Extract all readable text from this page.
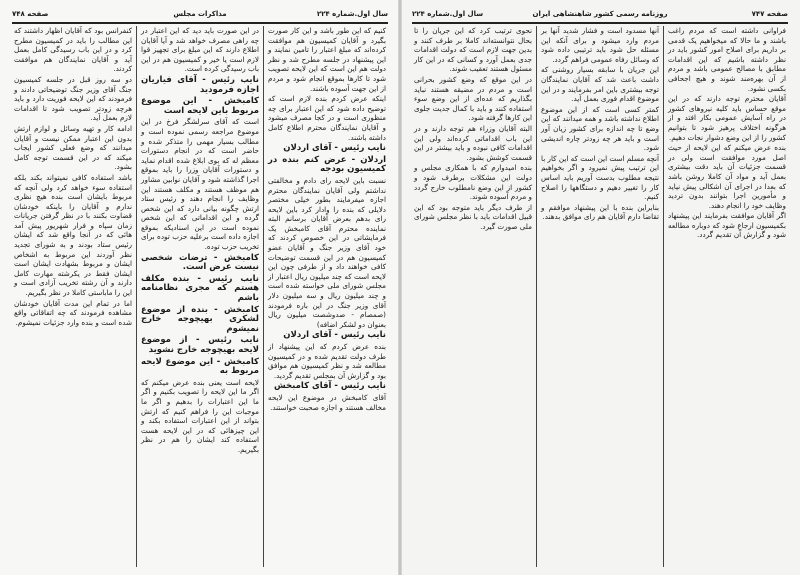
صفحه ۷۴۸	مذاکرات مجلس	سال اول.شماره ۲۲۴

کنیم که این طور باشد و این کار صورت بگیرد و آقایان کمیسیون هم موافقت کرده‌اند که مبلغ اعتبار را تامین نمایند و این پیشنهاد در جلسه مطرح شد و نظر دولت هم این است که این لایحه تصویب شود تا کارها بموقع انجام شود و مردم از این جهت آسوده باشند.

اینکه عرض کردم بنده لازم است که توضیح داده شود که این اعتبار برای چه منظوری است و در کجا مصرف میشود و آقایان نمایندگان محترم اطلاع کامل داشته باشند.

نایب رئیس - آقای اردلان
اردلان - عرض کنم بنده در کمیسیون بودجه

نسبت باین لایحه رای دادم و مخالفتی نداشتم ولی آقایان نمایندگان محترم اجازه میفرمایند بطور خیلی مختصر دلایلی که بنده را وادار کرد باین لایحه رای بدهم بعرض آقایان برسانم البته نماینده محترم آقای کامبخش یک فرمایشاتی در این خصوص کردند که خود آقای وزیر جنگ و آقایان عضو کمیسیون هم در این قسمت توضیحات کافی خواهند داد و از طرفی چون این لایحه است که چند میلیون ریال اعتبار از مجلس شورای ملی خواسته شده است و چند میلیون ریال و سه میلیون دلار آقای وزیر جنگ در این باره فرمودند (صمصام - صدوشصت میلیون ریال بعنوان دو لشکر اضافه)

نایب رئیس - آقای اردلان

بنده عرض کردم که این پیشنهاد از طرف دولت تقدیم شده و در کمیسیون مطالعه شد و نظر کمیسیون هم موافق بود و گزارش آن بمجلس تقدیم گردید.

نایب رئیس - آقای کامبخش

آقای کامبخش در موضوع این لایحه مخالف هستند و اجازه صحبت خواستند.

در این صورت باید دید که این اعتبار در چه راهی مصرف خواهد شد و آیا آقایان اطلاع دارند که این مبلغ برای تجهیز قوا لازم است یا خیر و کمیسیون هم در این باب رسیدگی کرده است.

نایب رئیس - آقای فیاریان اجازه فرمودید
کامبخش - این موضوع مربوط باین لایحه است

است که آقای سرلشگر فرخ در این موضوع مراجعه رسمی نموده است و مطالب بسیار مهمی را متذکر شده و حاضر است که در انجام دستورات معظم له که بوی ابلاغ شده اقدام نماید و دستورات آقایان وزرا را باید بموقع اجرا گذاشته شود و آقایان نوابین مشاور هم موظف هستند و مکلف هستند این وظایف را انجام دهند و رئیس ستاد ارتش چگونه بیانی دارد که این شخص گرده و این اقداماتی که این شخص نموده است در این اسنادیکه بموقع اجازه داده است برعلیه حزب توده برای تخریب حزب توده.

کامبخش - ترضات شخصی نیست عرض است.
نایب رئیس - بنده مکلف هستم که مجری نظامنامه باشم
کامبخش - بنده از موضوع لشکری بهیچوجه خارج نمیشوم
نایب رئیس - از موضوع لایحه بهیچوجه خارج نشوید
کامبخش - این موضوع لایحه مربوط به

لایحه است یعنی بنده عرض میکنم که اگر ما این لایحه را تصویب بکنیم و اگر ما این اعتبارات را بدهیم و اگر ما موجبات این را فراهم کنیم که ارتش بتواند از این اعتبارات استفاده بکند و این چیزهائی که در این لایحه هست استفاده کند ایشان را هم در نظر بگیریم.

کنفرانس بود که آقایان اظهار داشتند که این مطالب را باید در کمیسیون مطرح کرد و در این باب رسیدگی کامل بعمل آید و آقایان نمایندگان هم موافقت کردند.

دو سه روز قبل در جلسه کمیسیون جنگ آقای وزیر جنگ توضیحاتی دادند و فرمودند که این لایحه فوریت دارد و باید هرچه زودتر تصویب شود تا اقدامات لازم بعمل آید.

ادامه کار و تهیه وسائل و لوازم ارتش بدون این اعتبار ممکن نیست و آقایان میدانند که وضع فعلی کشور ایجاب میکند که در این قسمت توجه کامل بشود.

باشد استفاده کافی نمیتواند بکند بلکه استفاده سوء خواهد کرد ولی آنچه که مربوط بایشان است بنده هیچ نظری ندارم و آقایان را باینکه خودشان قضاوت بکنند با در نظر گرفتن جریانات زمان سپاه و فرار شهریور پیش آمد هائی که در آنجا واقع شد که ایشان رئیس ستاد بودند و به شورای تجدید نظر آوردند این مربوط به اشخاص ایشان و مربوط بشهادت ایشان است ایشان فقط در یکرشته مهارت کامل دارند و آن رشته تخریب آزادی است و این را ماباستی کاملا در نظر بگیریم.

اما در تمام این مدت آقایان خودشان مشاهده فرمودند که چه اتفاقاتی واقع شده است و بنده وارد جزئیات نمیشوم.

سال اول.شماره ۲۲۴	روزنامه رسمی کشور شاهنشاهی ایران	صفحه ۷۴۷

فراوانی داشته است که مردم راغب باشند و ما حالا که میخواهیم یک قدمی بر داریم برای اصلاح امور کشور باید در نظر داشته باشیم که این اقدامات مطابق با مصالح عمومی باشد و مردم از آن بهره‌مند شوند و هیچ اجحافی بکسی نشود.

آقایان محترم توجه دارند که در این موقع حساس باید کلیه نیروهای کشور در راه آسایش عمومی بکار افتد و از هرگونه اختلاف پرهیز شود تا بتوانیم کشور را از این وضع دشوار نجات دهیم.

بنده عرض میکنم که این لایحه از حیث اصل مورد موافقت است ولی در قسمت جزئیات آن باید دقت بیشتری بعمل آید و مواد آن کاملا روشن باشد که بعدا در اجرای آن اشکالی پیش نیاید و مأمورین اجرا بتوانند بدون تردید وظایف خود را انجام دهند.

اگر آقایان موافقت بفرمایند این پیشنهاد بکمیسیون ارجاع شود که دوباره مطالعه شود و گزارش آن تقدیم گردد.

آنها مسدود است و فشار شدید آنها بر مردم وارد میشود و برای آنکه این مسئله حل شود باید ترتیبی داده شود که وسائل رفاه عمومی فراهم گردد.

این جریان با سابقه بسیار روشنی که داشت باعث شد که آقایان نمایندگان توجه بیشتری باین امر بفرمایند و در این موضوع اقدام فوری بعمل آید.

کمتر کسی است که از این موضوع اطلاع نداشته باشد و همه میدانند که این وضع تا چه اندازه برای کشور زیان آور است و باید هر چه زودتر چاره اندیشی شود.

آنچه مسلم است این است که این کار با این ترتیب پیش نمیرود و اگر بخواهیم نتیجه مطلوب بدست آوریم باید اساس کار را تغییر دهیم و دستگاهها را اصلاح کنیم.

بنابراین بنده با این پیشنهاد موافقم و تقاضا دارم آقایان هم رای موافق بدهند.

نحوی ترتیب کرد که این جریان را تا بحال نتوانسته‌اند کاملا بر طرف کنند و بدین جهت لازم است که دولت اقدامات جدی بعمل آورد و کسانی که در این کار مسئول هستند تعقیب شوند.

در این موقع که وضع کشور بحرانی است و مردم در مضیقه هستند نباید بگذاریم که عده‌ای از این وضع سوء استفاده کنند و باید با کمال جدیت جلوی این کارها گرفته شود.

البته آقایان وزراء هم توجه دارند و در این باب اقداماتی کرده‌اند ولی این اقدامات کافی نبوده و باید بیشتر در این قسمت کوشش بشود.

بنده امیدوارم که با همکاری مجلس و دولت این مشکلات برطرف شود و کشور از این وضع نامطلوب خارج گردد و مردم آسوده شوند.

از طرف دیگر باید متوجه بود که این قبیل اقدامات باید با نظر مجلس شورای ملی صورت گیرد.
